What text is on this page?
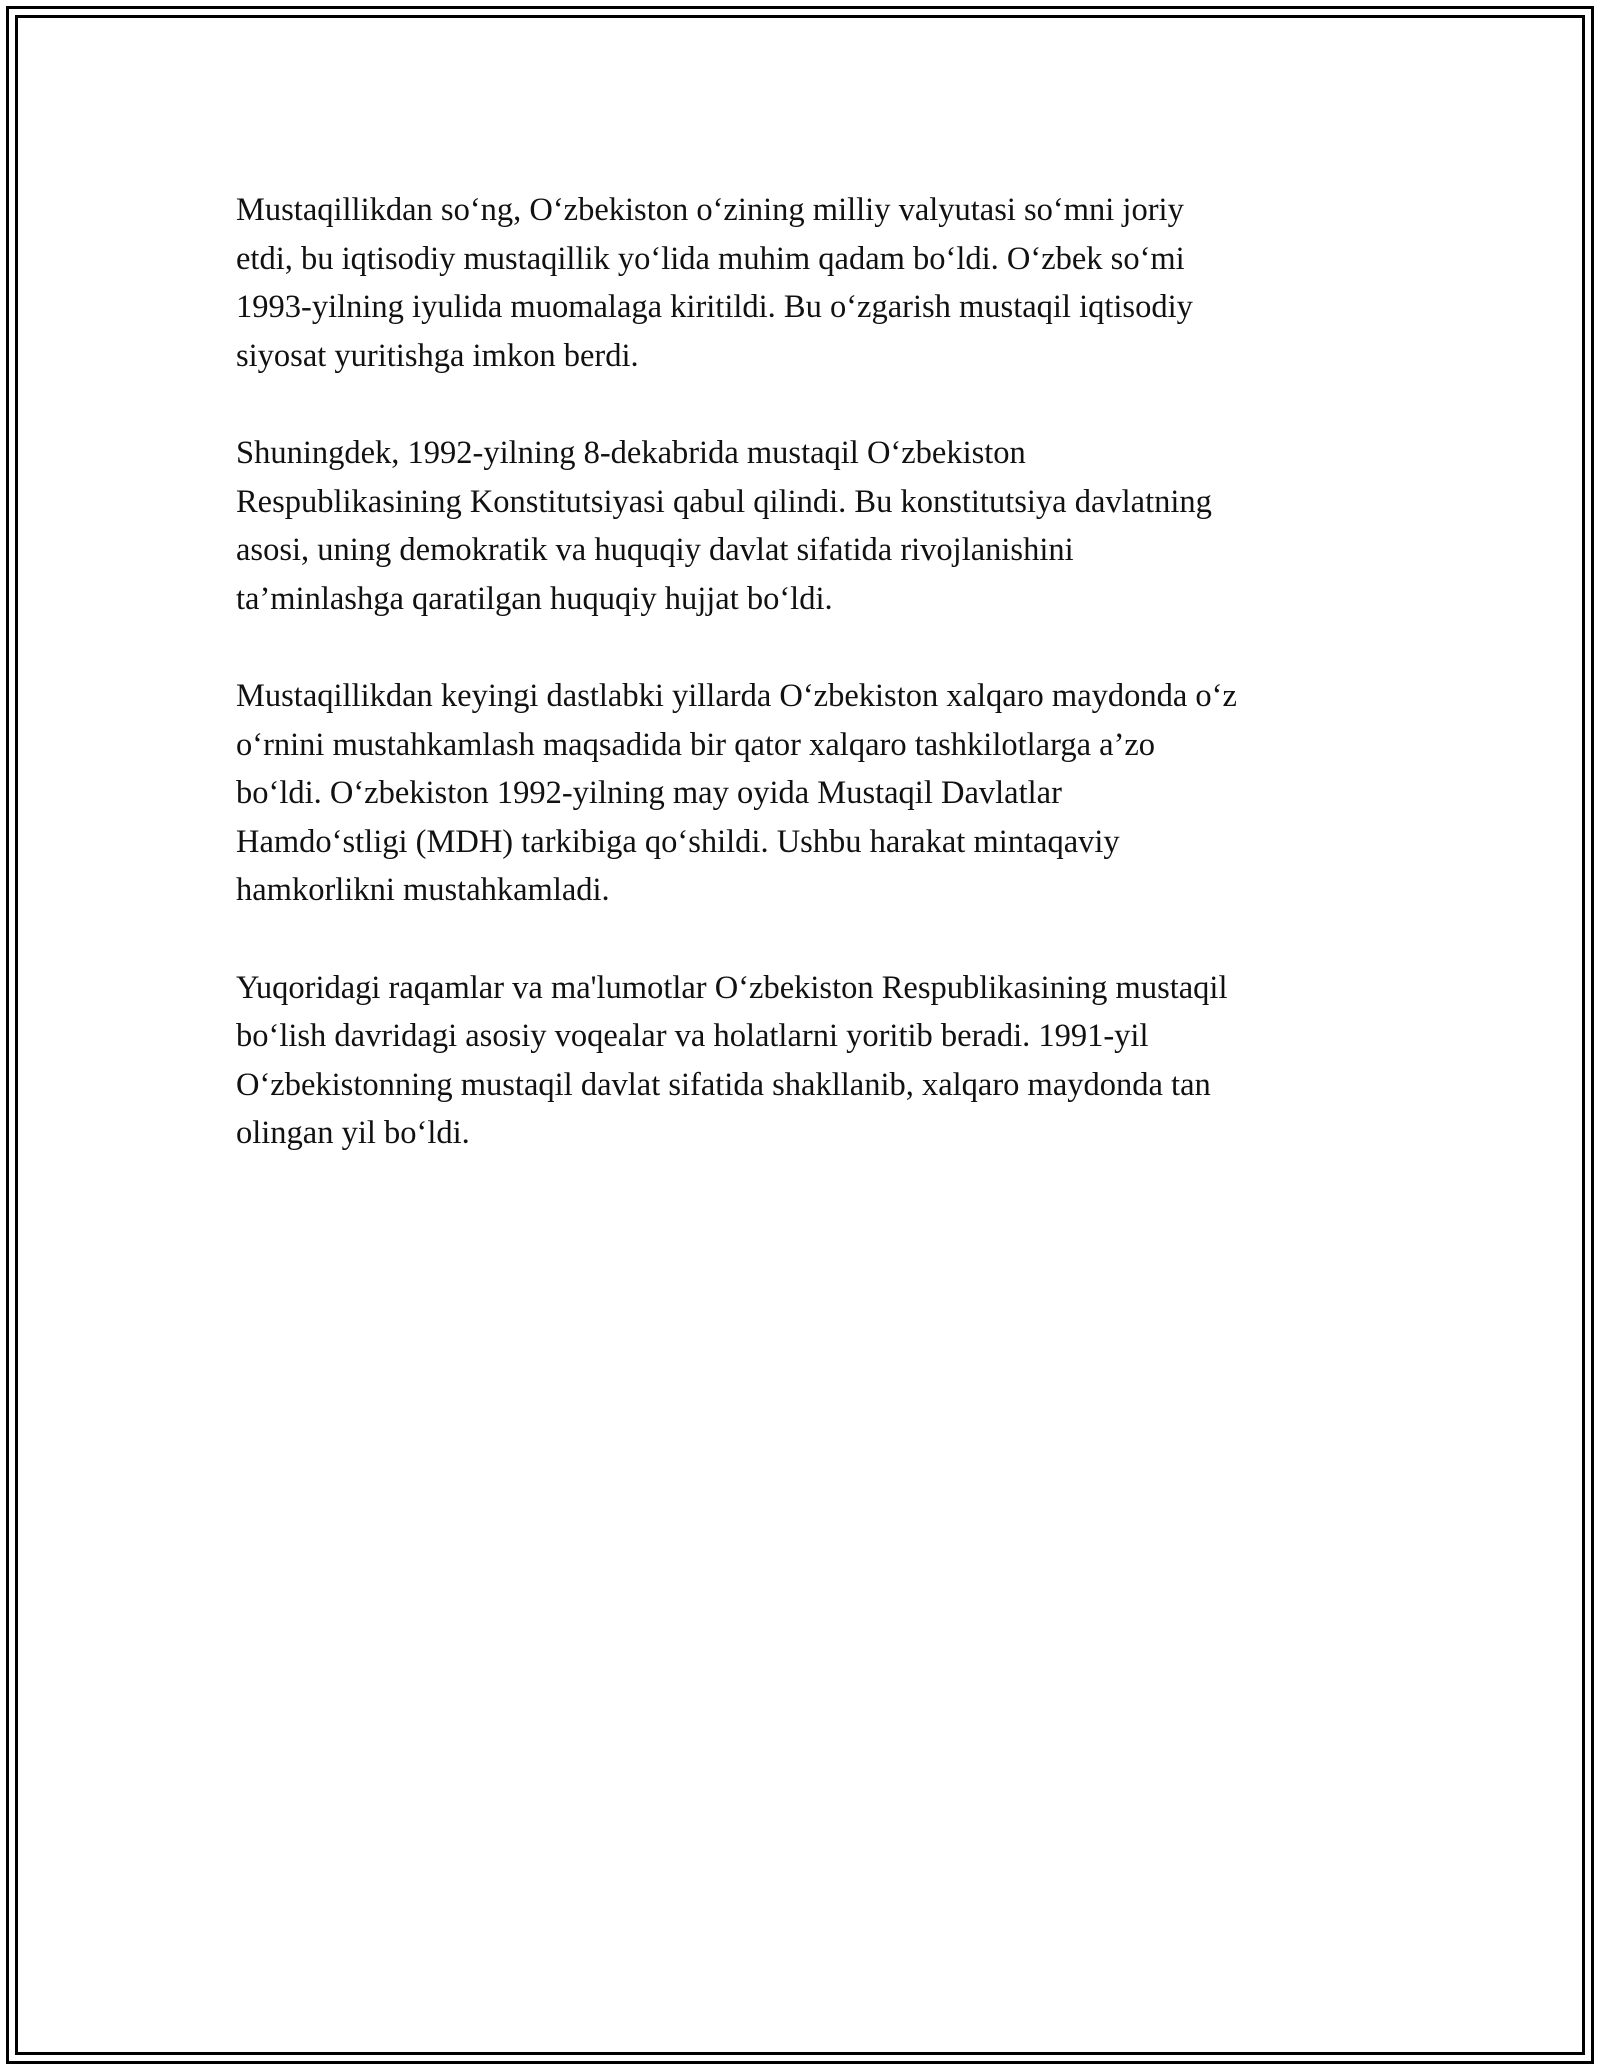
Mustaqillikdan so‘ng, O‘zbekiston o‘zining milliy valyutasi so‘mni joriy
etdi, bu iqtisodiy mustaqillik yo‘lida muhim qadam bo‘ldi. O‘zbek so‘mi
1993-yilning iyulida muomalaga kiritildi. Bu o‘zgarish mustaqil iqtisodiy
siyosat yuritishga imkon berdi.

Shuningdek, 1992-yilning 8-dekabrida mustaqil O‘zbekiston
Respublikasining Konstitutsiyasi qabul qilindi. Bu konstitutsiya davlatning
asosi, uning demokratik va huquqiy davlat sifatida rivojlanishini
ta’minlashga qaratilgan huquqiy hujjat bo‘ldi.

Mustaqillikdan keyingi dastlabki yillarda O‘zbekiston xalqaro maydonda o‘z
o‘rnini mustahkamlash maqsadida bir qator xalqaro tashkilotlarga a’zo
bo‘ldi. O‘zbekiston 1992-yilning may oyida Mustaqil Davlatlar
Hamdo‘stligi (MDH) tarkibiga qo‘shildi. Ushbu harakat mintaqaviy
hamkorlikni mustahkamladi.

Yuqoridagi raqamlar va ma'lumotlar O‘zbekiston Respublikasining mustaqil
bo‘lish davridagi asosiy voqealar va holatlarni yoritib beradi. 1991-yil
O‘zbekistonning mustaqil davlat sifatida shakllanib, xalqaro maydonda tan
olingan yil bo‘ldi.
